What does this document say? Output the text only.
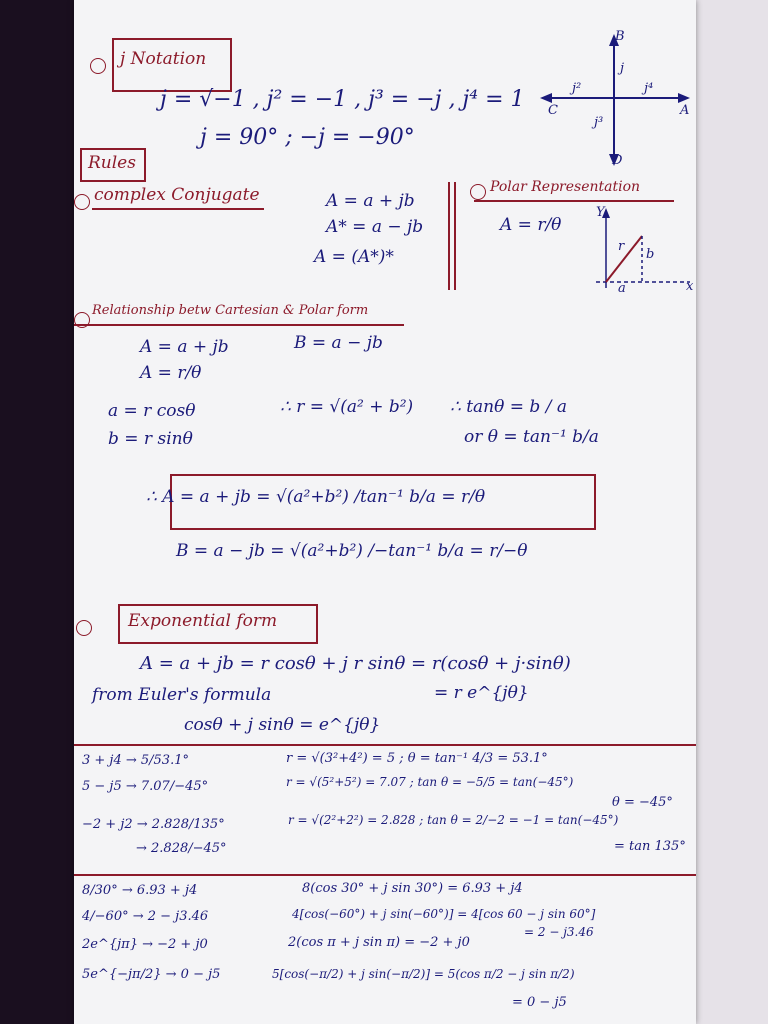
j Notation
j = √−1 , j² = −1 , j³ = −j , j⁴ = 1
j = 90° ; −j = −90°
B
j
j²	j⁴
C	A
j³
D
Rules
complex Conjugate	A = a + jb
A* = a − jb
A = (A*)*
Polar Representation
A = r/θ
Y
r
b
a	x
Relationship betw Cartesian & Polar form
A = a + jb	B = a − jb
A = r/θ
a = r cosθ	∴ r = √(a² + b²) ∴ tanθ = b / a
b = r sinθ	or θ = tan⁻¹ b/a
∴ A = a + jb = √(a²+b²) /tan⁻¹ b/a = r/θ
B = a − jb = √(a²+b²) /−tan⁻¹ b/a = r/−θ
Exponential form
A = a + jb = r cosθ + j r sinθ = r(cosθ + j·sinθ)
from Euler's formula	= r e^{jθ}
cosθ + j sinθ = e^{jθ}
3 + j4 → 5/53.1°	r = √(3²+4²) = 5 ; θ = tan⁻¹ 4/3 = 53.1°
5 − j5 → 7.07/−45°	r = √(5²+5²) = 7.07 ; tan θ = −5/5 = tan(−45°)
θ = −45°
−2 + j2 → 2.828/135°	r = √(2²+2²) = 2.828 ; tan θ = 2/−2 = −1 = tan(−45°)
→ 2.828/−45°	= tan 135°
8/30° → 6.93 + j4	8(cos 30° + j sin 30°) = 6.93 + j4
4/−60° → 2 − j3.46	4[cos(−60°) + j sin(−60°)] = 4[cos 60 − j sin 60°]
= 2 − j3.46
2e^{jπ} → −2 + j0	2(cos π + j sin π) = −2 + j0
5e^{−jπ/2} → 0 − j5	5[cos(−π/2) + j sin(−π/2)] = 5(cos π/2 − j sin π/2)
= 0 − j5
